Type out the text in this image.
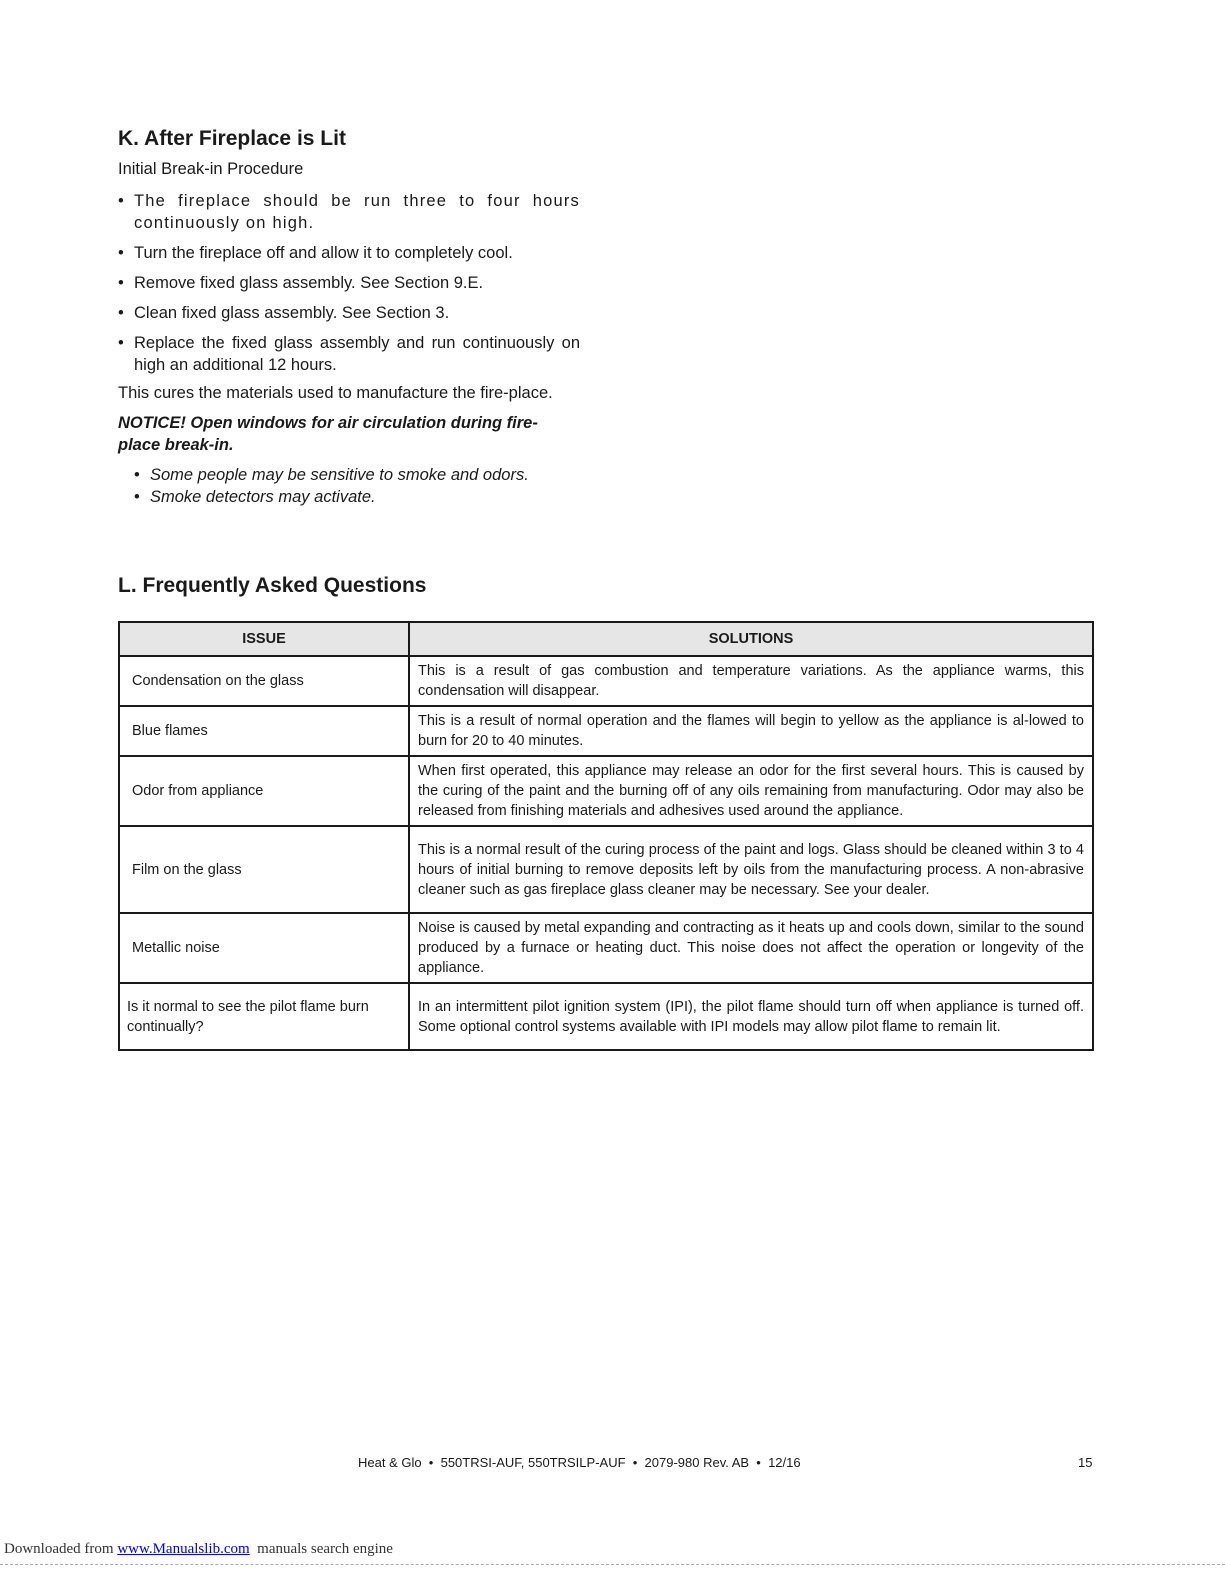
K. After Fireplace is Lit
Initial Break-in Procedure
• The fireplace should be run three to four hours continuously on high.
• Turn the fireplace off and allow it to completely cool.
• Remove fixed glass assembly. See Section 9.E.
• Clean fixed glass assembly. See Section 3.
• Replace the fixed glass assembly and run continuously on high an additional 12 hours.

This cures the materials used to manufacture the fire-place.

NOTICE! Open windows for air circulation during fire-place break-in.

• Some people may be sensitive to smoke and odors.
• Smoke detectors may activate.
L. Frequently Asked Questions
ISSUE	SOLUTIONS
Condensation on the glass	This is a result of gas combustion and temperature variations. As the appliance warms, this condensation will disappear.
Blue flames	This is a result of normal operation and the flames will begin to yellow as the appliance is al-lowed to burn for 20 to 40 minutes.
Odor from appliance	When first operated, this appliance may release an odor for the first several hours. This is caused by the curing of the paint and the burning off of any oils remaining from manufacturing. Odor may also be released from finishing materials and adhesives used around the appliance.
Film on the glass	This is a normal result of the curing process of the paint and logs. Glass should be cleaned within 3 to 4 hours of initial burning to remove deposits left by oils from the manufacturing process. A non-abrasive cleaner such as gas fireplace glass cleaner may be necessary. See your dealer.
Metallic noise	Noise is caused by metal expanding and contracting as it heats up and cools down, similar to the sound produced by a furnace or heating duct. This noise does not affect the operation or longevity of the appliance.
Is it normal to see the pilot flame burn continually?	In an intermittent pilot ignition system (IPI), the pilot flame should turn off when appliance is turned off. Some optional control systems available with IPI models may allow pilot flame to remain lit.
Heat & Glo  •  550TRSI-AUF, 550TRSILP-AUF  •  2079-980 Rev. AB  •  12/16	15
Downloaded from www.Manualslib.com  manuals search engine
